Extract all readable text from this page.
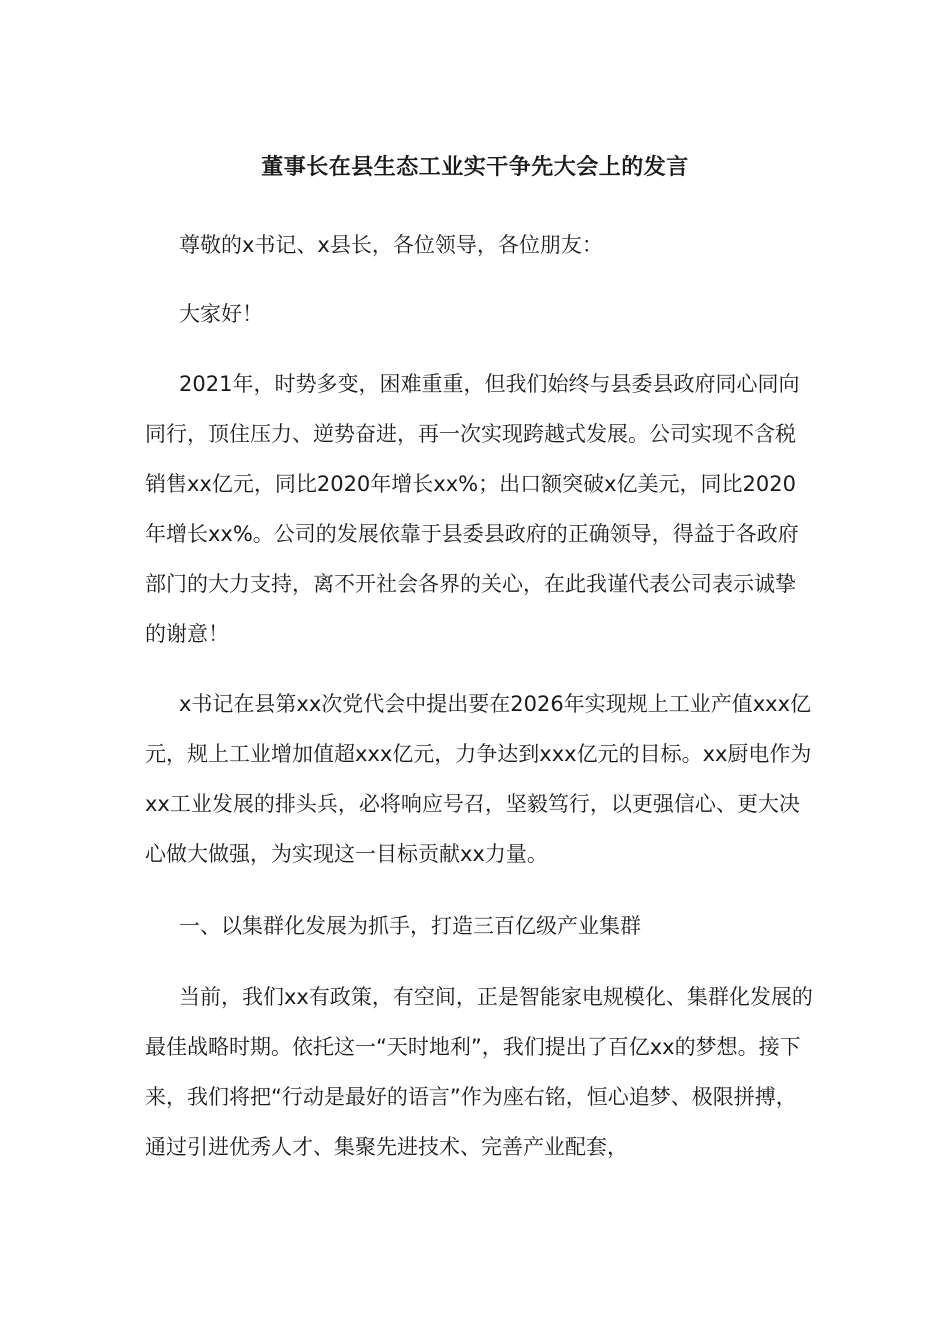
董事长在县生态工业实干争先大会上的发言

尊敬的x书记、x县长，各位领导，各位朋友：

大家好！

2021年，时势多变，困难重重，但我们始终与县委县政府同心同向同行，顶住压力、逆势奋进，再一次实现跨越式发展。公司实现不含税销售xx亿元，同比2020年增长xx%；出口额突破x亿美元，同比2020年增长xx%。公司的发展依靠于县委县政府的正确领导，得益于各政府部门的大力支持，离不开社会各界的关心，在此我谨代表公司表示诚挚的谢意！

x书记在县第xx次党代会中提出要在2026年实现规上工业产值xxx亿元，规上工业增加值超xxx亿元，力争达到xxx亿元的目标。xx厨电作为xx工业发展的排头兵，必将响应号召，坚毅笃行，以更强信心、更大决心做大做强，为实现这一目标贡献xx力量。

一、以集群化发展为抓手，打造三百亿级产业集群

当前，我们xx有政策，有空间，正是智能家电规模化、集群化发展的最佳战略时期。依托这一“天时地利”，我们提出了百亿xx的梦想。接下来，我们将把“行动是最好的语言”作为座右铭，恒心追梦、极限拼搏，通过引进优秀人才、集聚先进技术、完善产业配套，
